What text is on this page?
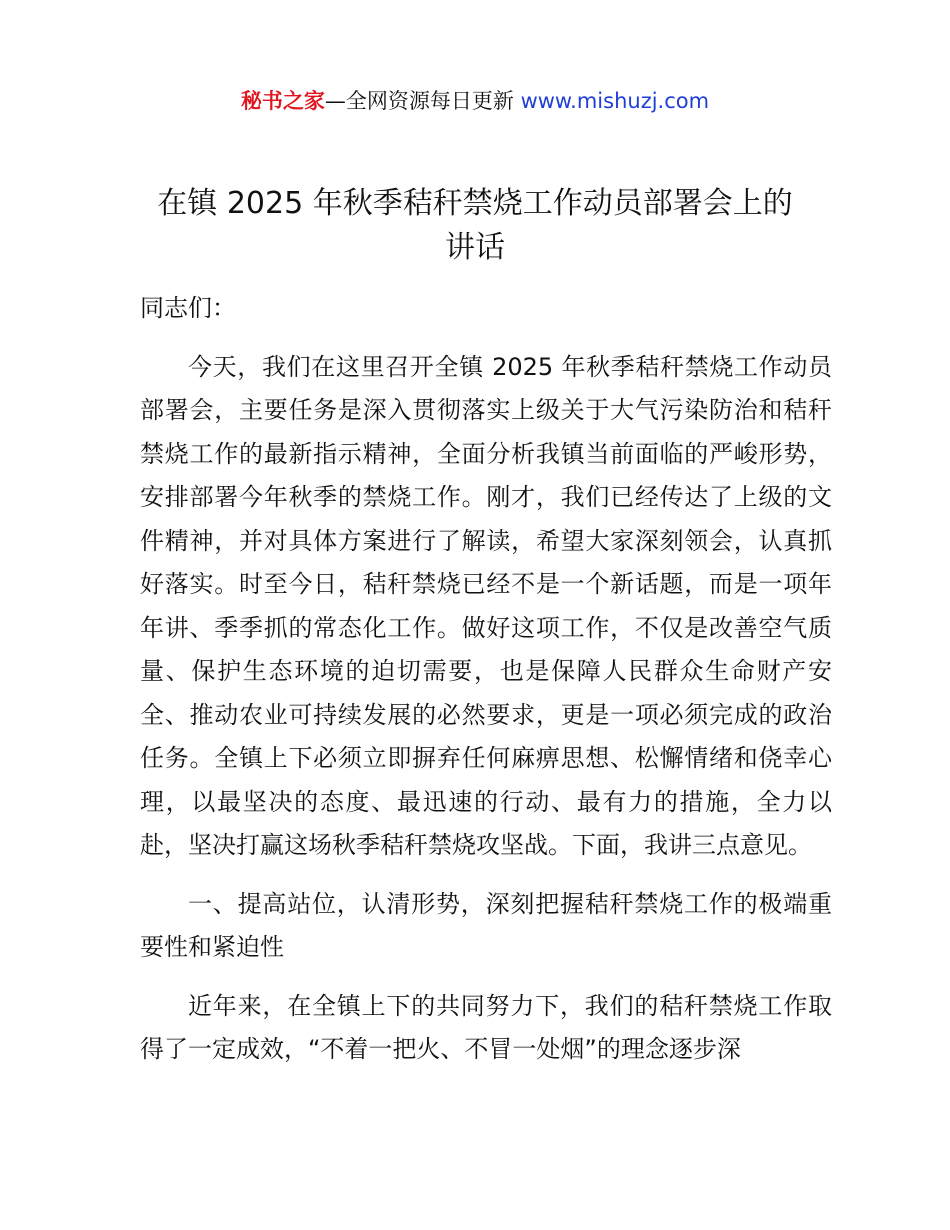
秘书之家—全网资源每日更新 www.mishuzj.com
在镇 2025 年秋季秸秆禁烧工作动员部署会上的
讲话

同志们：

今天，我们在这里召开全镇 2025 年秋季秸秆禁烧工作动员部署会，主要任务是深入贯彻落实上级关于大气污染防治和秸秆禁烧工作的最新指示精神，全面分析我镇当前面临的严峻形势，安排部署今年秋季的禁烧工作。刚才，我们已经传达了上级的文件精神，并对具体方案进行了解读，希望大家深刻领会，认真抓好落实。时至今日，秸秆禁烧已经不是一个新话题，而是一项年年讲、季季抓的常态化工作。做好这项工作，不仅是改善空气质量、保护生态环境的迫切需要，也是保障人民群众生命财产安全、推动农业可持续发展的必然要求，更是一项必须完成的政治任务。全镇上下必须立即摒弃任何麻痹思想、松懈情绪和侥幸心理，以最坚决的态度、最迅速的行动、最有力的措施，全力以赴，坚决打赢这场秋季秸秆禁烧攻坚战。下面，我讲三点意见。

一、提高站位，认清形势，深刻把握秸秆禁烧工作的极端重要性和紧迫性

近年来，在全镇上下的共同努力下，我们的秸秆禁烧工作取得了一定成效，“不着一把火、不冒一处烟”的理念逐步深
